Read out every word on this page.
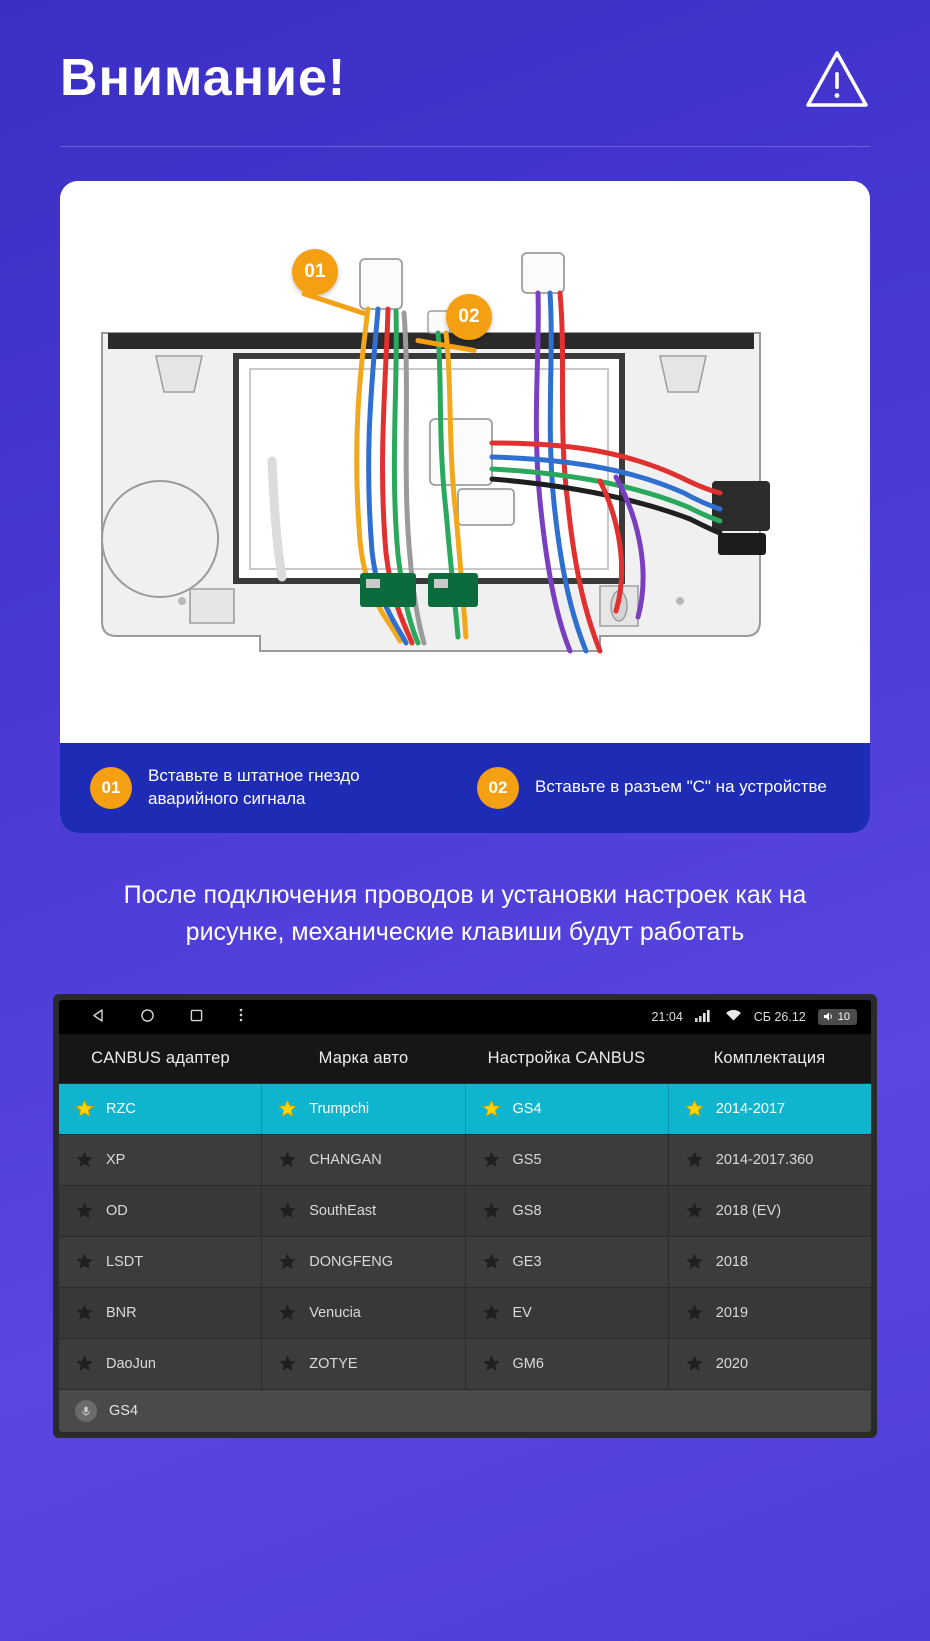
Внимание!
01
02
01
Вставьте в штатное гнездо аварийного сигнала
02	Вставьте в разъем "C" на устройстве
После подключения проводов и установки настроек как на рисунке, механические клавиши будут работать
21:04	СБ 26.12	10
CANBUS адаптер	Марка авто	Настройка CANBUS	Комплектация
RZC	Trumpchi	GS4	2014-2017
XP	CHANGAN	GS5	2014-2017.360
OD	SouthEast	GS8	2018 (EV)
LSDT	DONGFENG	GE3	2018
BNR	Venucia	EV	2019
DaoJun	ZOTYE	GM6	2020
GS4
